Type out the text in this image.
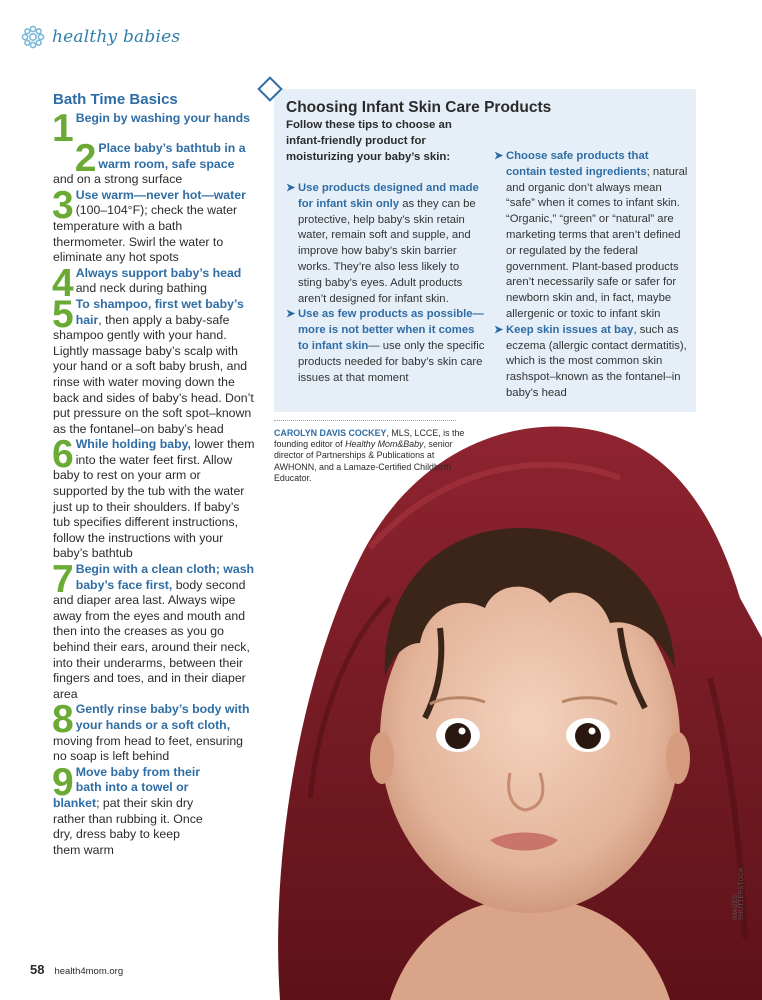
healthy babies
Bath Time Basics
1 Begin by washing your hands
2 Place baby’s bathtub in a warm room, safe space and on a strong surface
3 Use warm—never hot—water (100–104°F); check the water temperature with a bath thermometer. Swirl the water to eliminate any hot spots
4 Always support baby’s head and neck during bathing
5 To shampoo, first wet baby’s hair, then apply a baby-safe shampoo gently with your hand. Lightly massage baby’s scalp with your hand or a soft baby brush, and rinse with water moving down the back and sides of baby’s head. Don’t put pressure on the soft spot–known as the fontanel–on baby’s head
6 While holding baby, lower them into the water feet first. Allow baby to rest on your arm or supported by the tub with the water just up to their shoulders. If baby’s tub specifies different instructions, follow the instructions with your baby’s bathtub
7 Begin with a clean cloth; wash baby’s face first, body second and diaper area last. Always wipe away from the eyes and mouth and then into the creases as you go behind their ears, around their neck, into their underarms, between their fingers and toes, and in their diaper area
8 Gently rinse baby’s body with your hands or a soft cloth, moving from head to feet, ensuring no soap is left behind
9 Move baby from their bath into a towel or blanket; pat their skin dry rather than rubbing it. Once dry, dress baby to keep them warm
IMAGES: SHUTTERSTOCK
Choosing Infant Skin Care Products
Follow these tips to choose an infant-friendly product for moisturizing your baby’s skin:
➤ Use products designed and made for infant skin only as they can be protective, help baby’s skin retain water, remain soft and supple, and improve how baby’s skin barrier works. They’re also less likely to sting baby’s eyes. Adult products aren’t designed for infant skin.
➤ Use as few products as possible—more is not better when it comes to infant skin— use only the specific products needed for baby’s skin care issues at that moment
➤ Choose safe products that contain tested ingredients; natural and organic don’t always mean “safe” when it comes to infant skin. “Organic,” “green” or “natural” are marketing terms that aren’t defined or regulated by the federal government. Plant-based products aren’t necessarily safe or safer for newborn skin and, in fact, maybe allergenic or toxic to infant skin
➤ Keep skin issues at bay, such as eczema (allergic contact dermatitis), which is the most common skin rashspot–known as the fontanel–in baby’s head
CAROLYN DAVIS COCKEY, MLS, LCCE, is the founding editor of Healthy Mom&Baby, senior director of Partnerships & Publications at AWHONN, and a Lamaze-Certified Childbirth Educator.
58 health4mom.org
